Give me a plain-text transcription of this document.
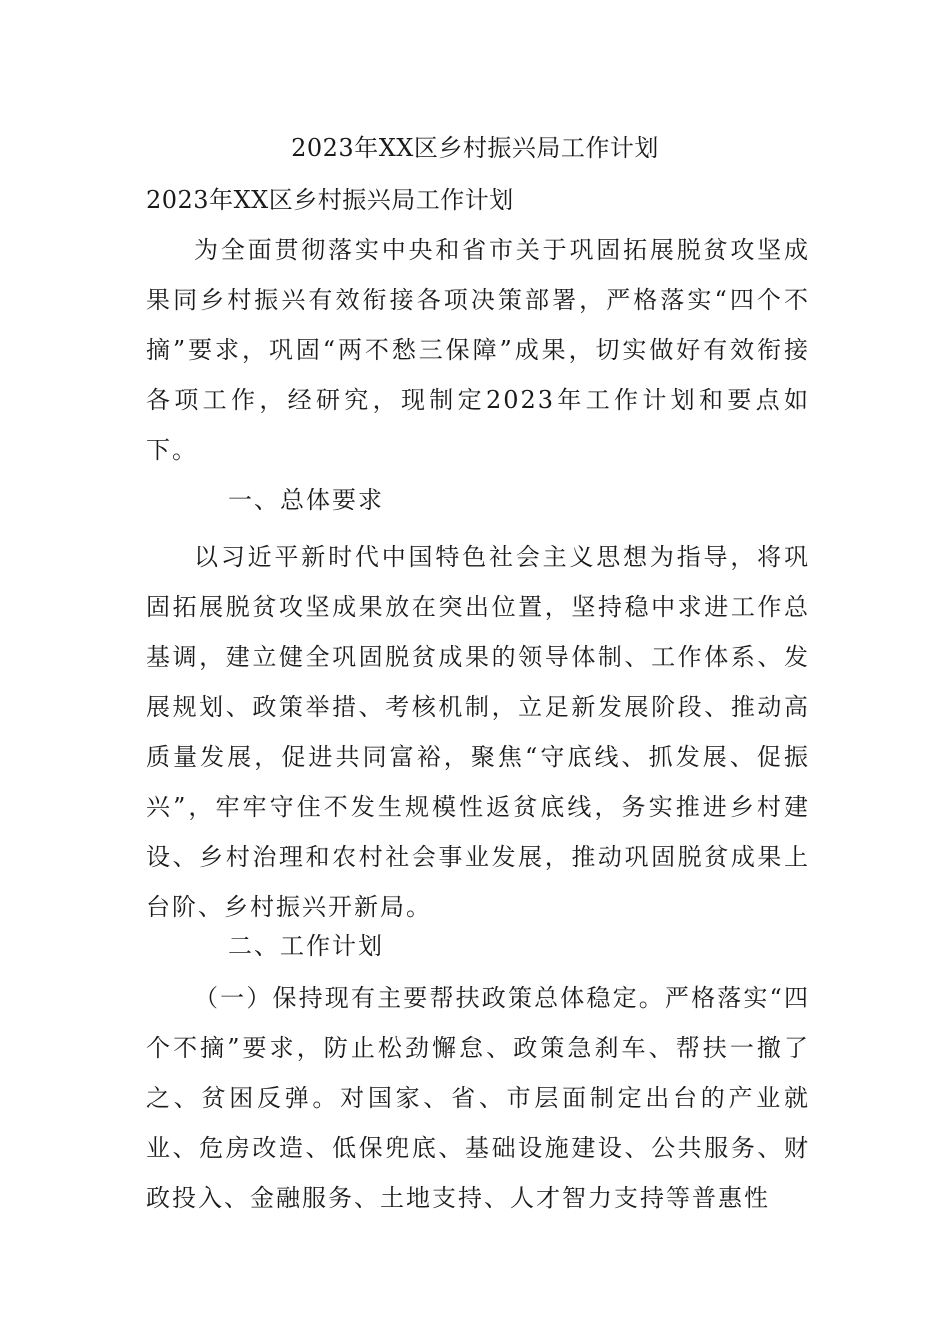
2023年XX区乡村振兴局工作计划
2023年XX区乡村振兴局工作计划

为全面贯彻落实中央和省市关于巩固拓展脱贫攻坚成果同乡村振兴有效衔接各项决策部署，严格落实“四个不摘”要求，巩固“两不愁三保障”成果，切实做好有效衔接各项工作，经研究，现制定2023年工作计划和要点如下。

一、总体要求

以习近平新时代中国特色社会主义思想为指导，将巩固拓展脱贫攻坚成果放在突出位置，坚持稳中求进工作总基调，建立健全巩固脱贫成果的领导体制、工作体系、发展规划、政策举措、考核机制，立足新发展阶段、推动高质量发展，促进共同富裕，聚焦“守底线、抓发展、促振兴”，牢牢守住不发生规模性返贫底线，务实推进乡村建设、乡村治理和农村社会事业发展，推动巩固脱贫成果上台阶、乡村振兴开新局。

二、工作计划

（一）保持现有主要帮扶政策总体稳定。严格落实“四个不摘”要求，防止松劲懈怠、政策急刹车、帮扶一撤了之、贫困反弹。对国家、省、市层面制定出台的产业就业、危房改造、低保兜底、基础设施建设、公共服务、财政投入、金融服务、土地支持、人才智力支持等普惠性
